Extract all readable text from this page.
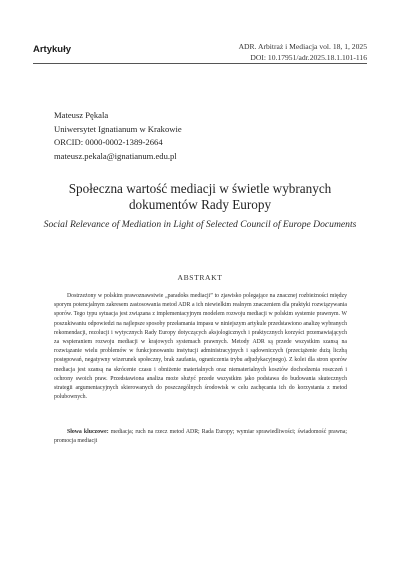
Artykuły	ADR. Arbitraż i Mediacja vol. 18, 1, 2025
DOI: 10.17951/adr.2025.18.1.101-116
Mateusz Pękala
Uniwersytet Ignatianum w Krakowie
ORCID: 0000-0002-1389-2664
mateusz.pekala@ignatianum.edu.pl
Społeczna wartość mediacji w świetle wybranych dokumentów Rady Europy
Social Relevance of Mediation in Light of Selected Council of Europe Documents
ABSTRAKT

Dostrzeżony w polskim prawoznawstwie „paradoks mediacji” to zjawisko polegające na znacznej rozbieżności między sporym potencjalnym zakresem zastosowania metod ADR a ich niewielkim realnym znaczeniem dla praktyki rozwiązywania sporów. Tego typu sytuacja jest związana z implementacyjnym modelem rozwoju mediacji w polskim systemie prawnym. W poszukiwaniu odpowiedzi na najlepsze sposoby przełamania impasu w niniejszym artykule przedstawiono analizę wybranych rekomendacji, rezolucji i wytycznych Rady Europy dotyczących aksjologicznych i praktycznych korzyści przemawiających za wspieraniem rozwoju mediacji w krajowych systemach prawnych. Metody ADR są przede wszystkim szansą na rozwiązanie wielu problemów w funkcjonowaniu instytucji administracyjnych i sądowniczych (przeciążenie dużą liczbą postępowań, negatywny wizerunek społeczny, brak zaufania, ograniczenia trybu adjudykacyjnego). Z kolei dla stron sporów mediacja jest szansą na skrócenie czasu i obniżenie materialnych oraz niematerialnych kosztów dochodzenia roszczeń i ochrony swoich praw. Przedstawiona analiza może służyć przede wszystkim jako podstawa do budowania skutecznych strategii argumentacyjnych skierowanych do poszczególnych środowisk w celu zachęcania ich do korzystania z metod polubownych.

Słowa kluczowe: mediacja; ruch na rzecz metod ADR; Rada Europy; wymiar sprawiedliwości; świadomość prawna; promocja mediacji
